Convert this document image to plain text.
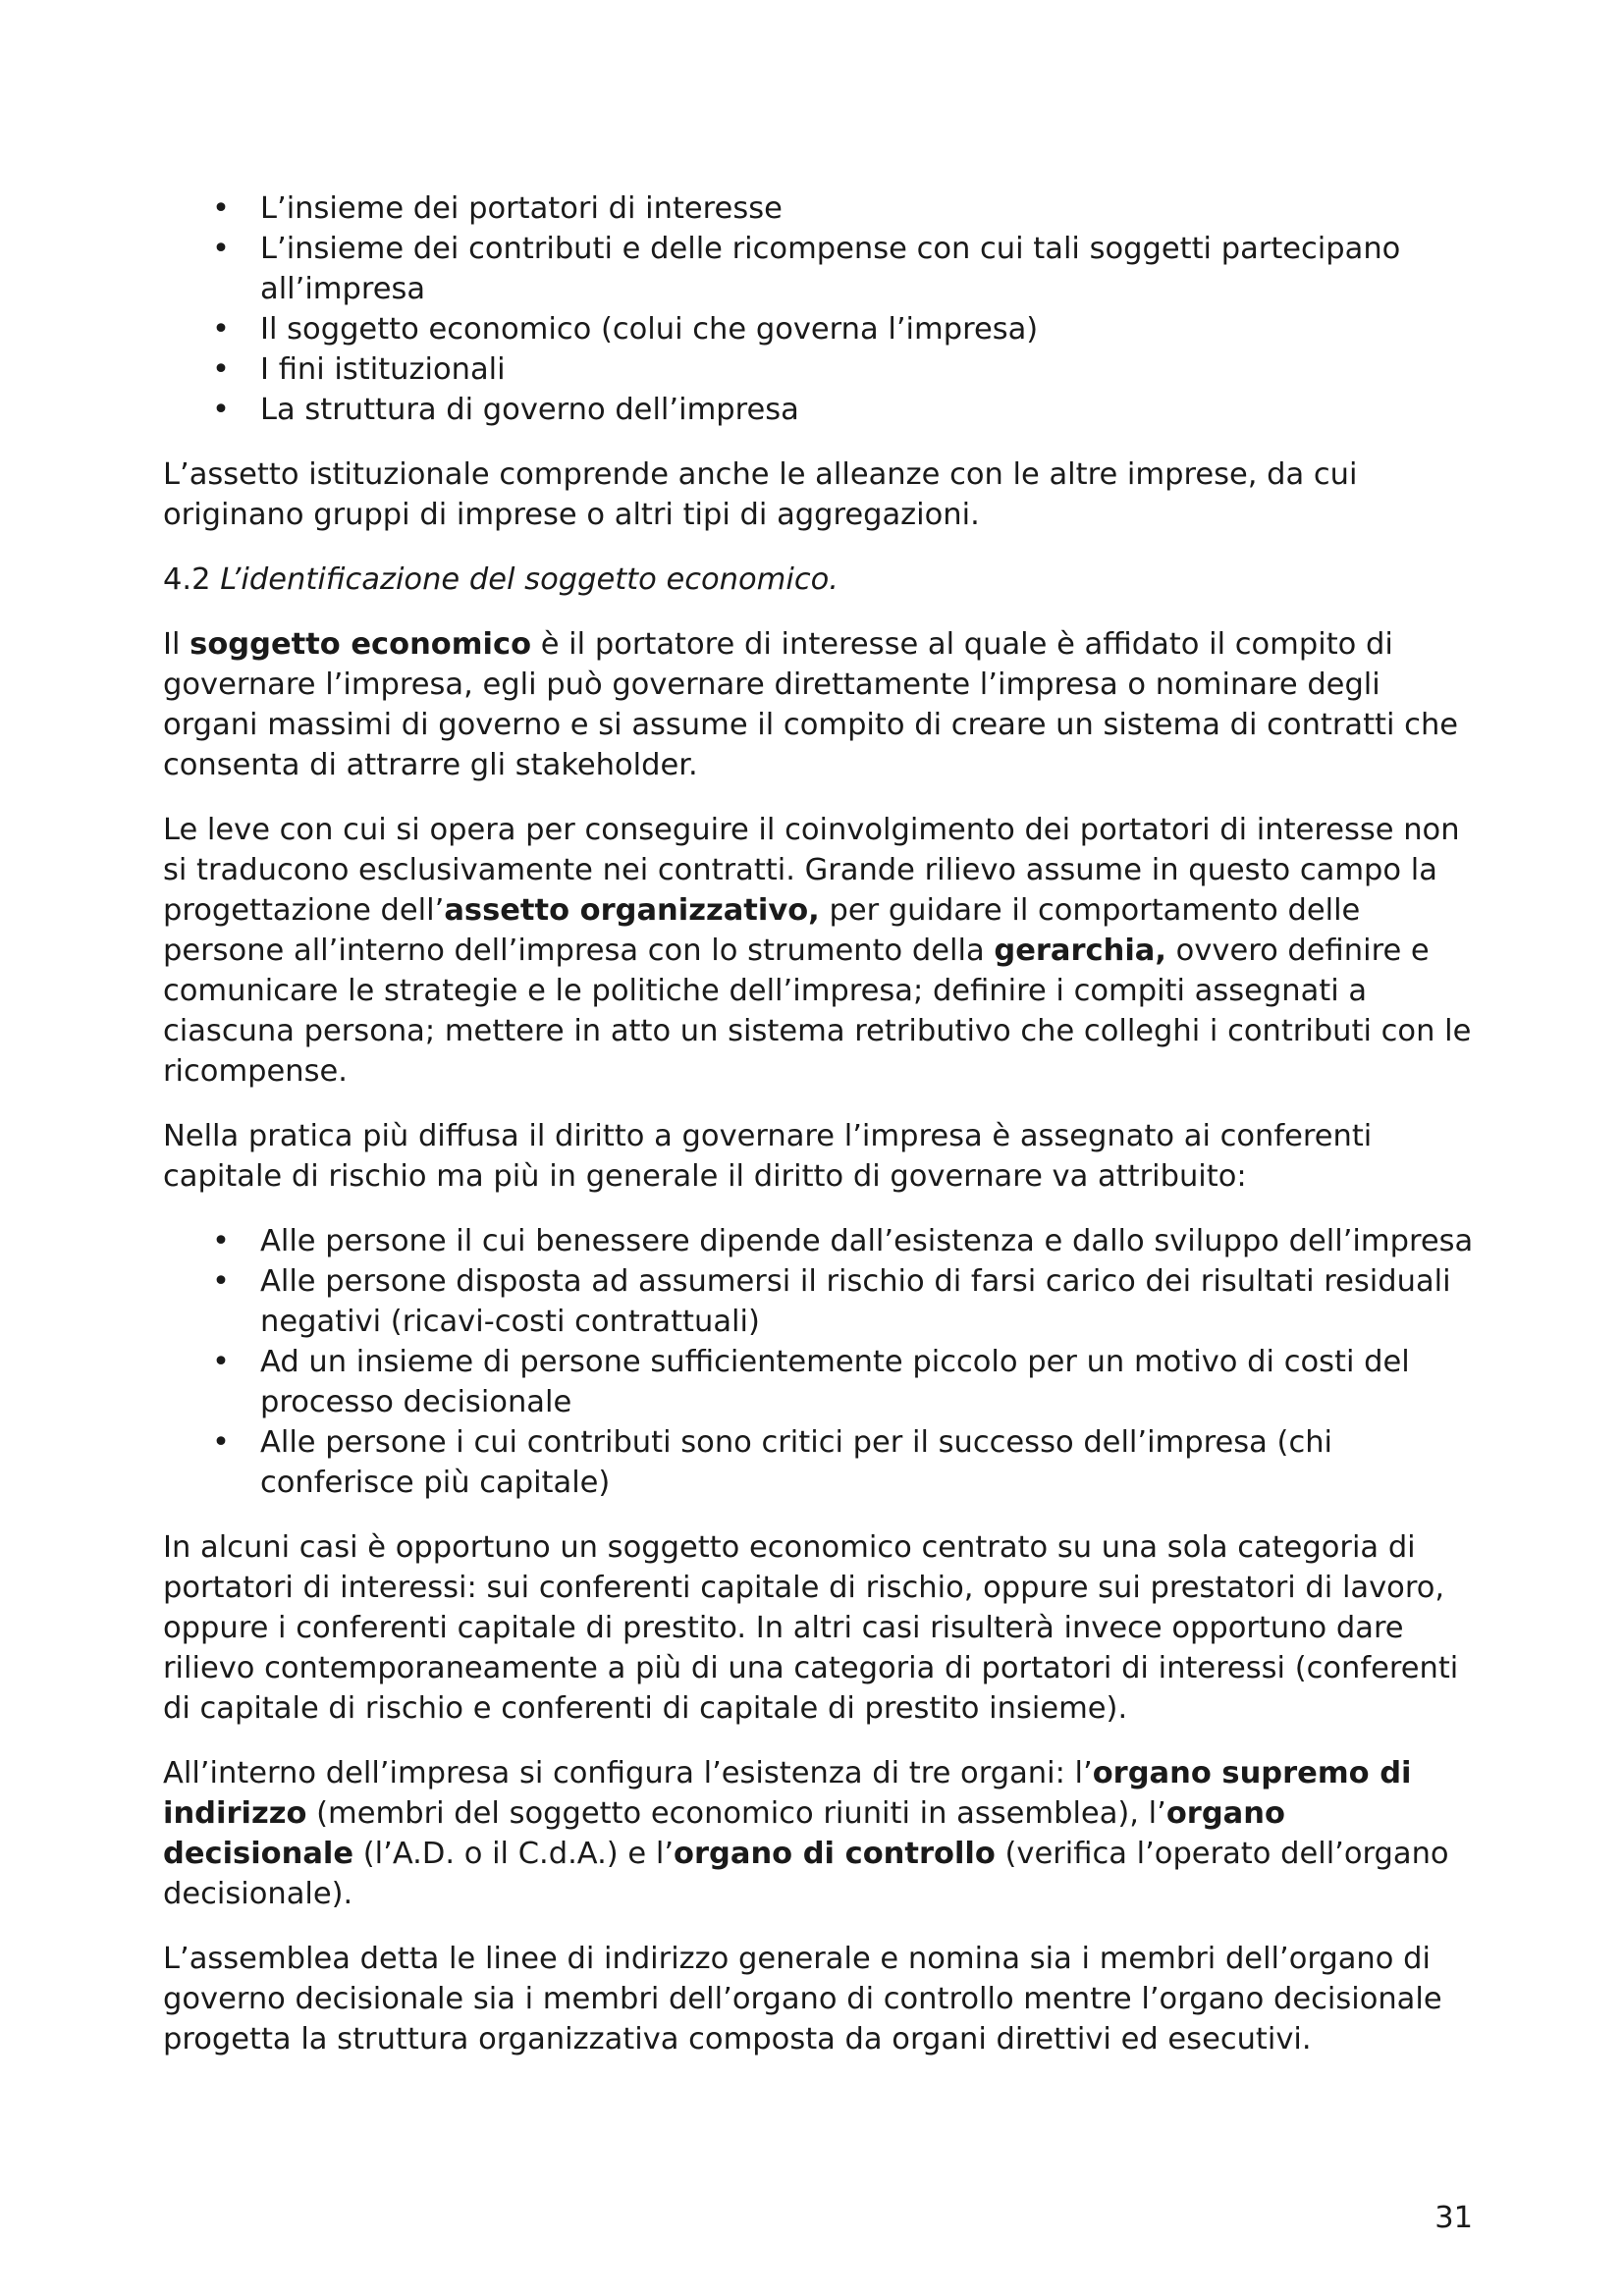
• L’insieme dei portatori di interesse
• L’insieme dei contributi e delle ricompense con cui tali soggetti partecipano all’impresa
• Il soggetto economico (colui che governa l’impresa)
• I fini istituzionali
• La struttura di governo dell’impresa

L’assetto istituzionale comprende anche le alleanze con le altre imprese, da cui originano gruppi di imprese o altri tipi di aggregazioni.

4.2 L’identificazione del soggetto economico.

Il soggetto economico è il portatore di interesse al quale è affidato il compito di governare l’impresa, egli può governare direttamente l’impresa o nominare degli organi massimi di governo e si assume il compito di creare un sistema di contratti che consenta di attrarre gli stakeholder.

Le leve con cui si opera per conseguire il coinvolgimento dei portatori di interesse non si traducono esclusivamente nei contratti. Grande rilievo assume in questo campo la progettazione dell’assetto organizzativo, per guidare il comportamento delle persone all’interno dell’impresa con lo strumento della gerarchia, ovvero definire e comunicare le strategie e le politiche dell’impresa; definire i compiti assegnati a ciascuna persona; mettere in atto un sistema retributivo che colleghi i contributi con le ricompense.

Nella pratica più diffusa il diritto a governare l’impresa è assegnato ai conferenti capitale di rischio ma più in generale il diritto di governare va attribuito:

• Alle persone il cui benessere dipende dall’esistenza e dallo sviluppo dell’impresa
• Alle persone disposta ad assumersi il rischio di farsi carico dei risultati residuali negativi (ricavi-costi contrattuali)
• Ad un insieme di persone sufficientemente piccolo per un motivo di costi del processo decisionale
• Alle persone i cui contributi sono critici per il successo dell’impresa (chi conferisce più capitale)

In alcuni casi è opportuno un soggetto economico centrato su una sola categoria di portatori di interessi: sui conferenti capitale di rischio, oppure sui prestatori di lavoro, oppure i conferenti capitale di prestito. In altri casi risulterà invece opportuno dare rilievo contemporaneamente a più di una categoria di portatori di interessi (conferenti di capitale di rischio e conferenti di capitale di prestito insieme).

All’interno dell’impresa si configura l’esistenza di tre organi: l’organo supremo di indirizzo (membri del soggetto economico riuniti in assemblea), l’organo decisionale (l’A.D. o il C.d.A.) e l’organo di controllo (verifica l’operato dell’organo decisionale).

L’assemblea detta le linee di indirizzo generale e nomina sia i membri dell’organo di governo decisionale sia i membri dell’organo di controllo mentre l’organo decisionale progetta la struttura organizzativa composta da organi direttivi ed esecutivi.

31
